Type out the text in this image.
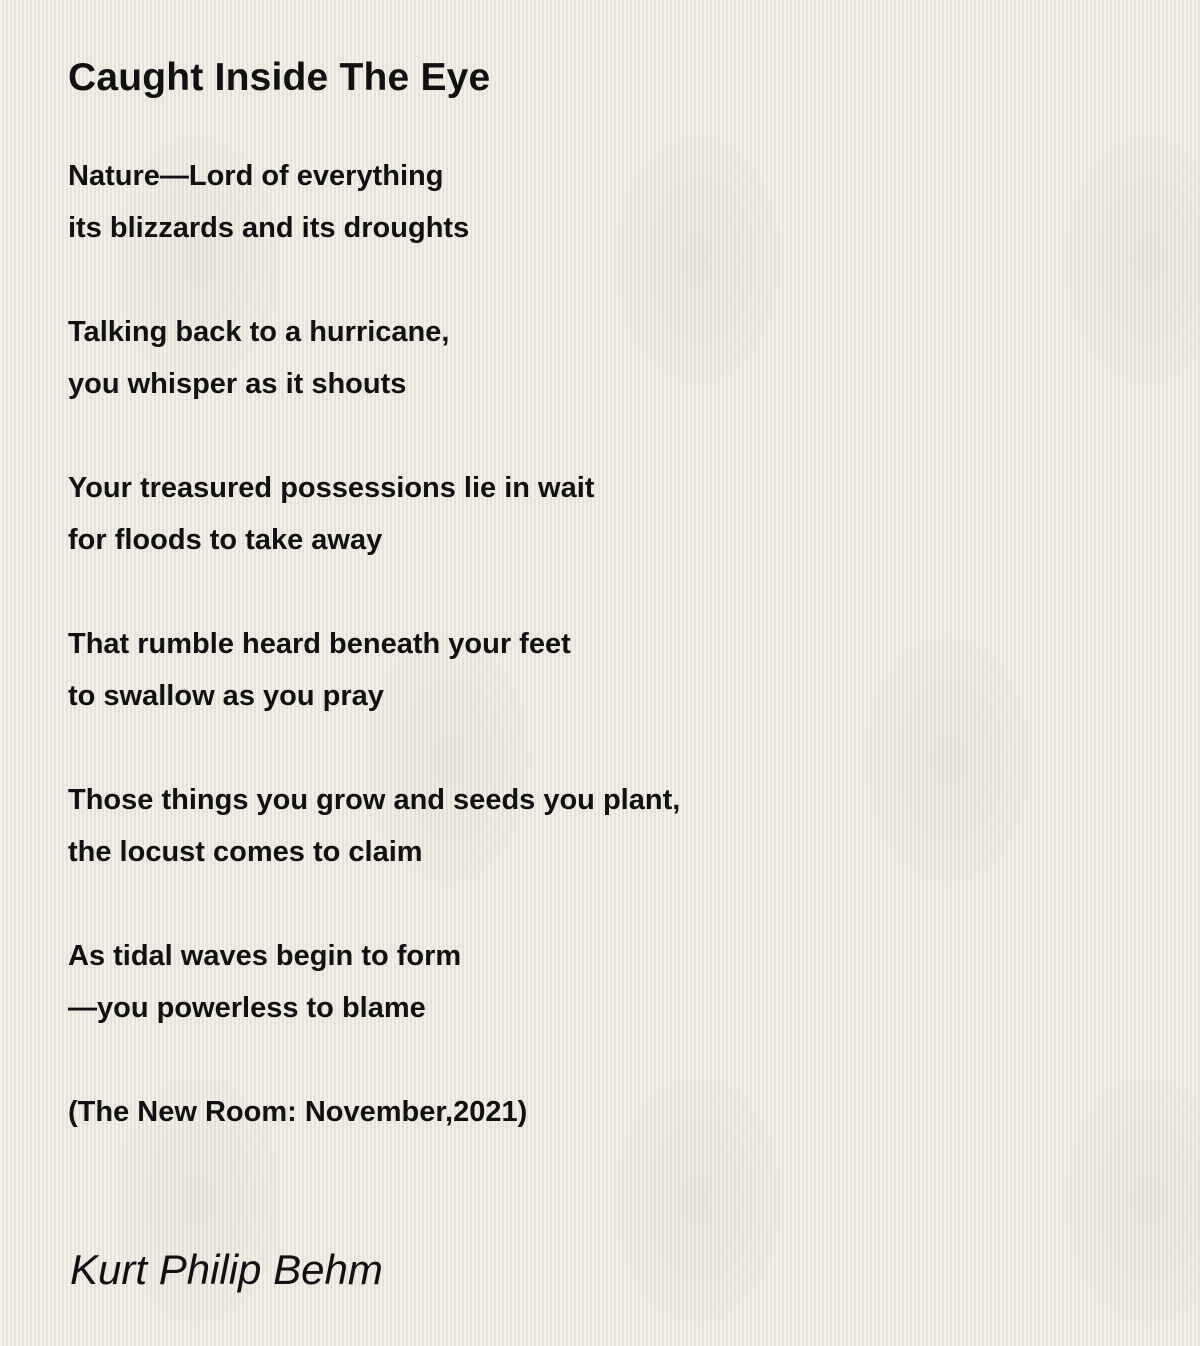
Caught Inside The Eye
Nature—Lord of everything
its blizzards and its droughts
Talking back to a hurricane,
you whisper as it shouts
Your treasured possessions lie in wait
for floods to take away
That rumble heard beneath your feet
to swallow as you pray
Those things you grow and seeds you plant,
the locust comes to claim
As tidal waves begin to form
—you powerless to blame
(The New Room: November,2021)

Kurt Philip Behm
